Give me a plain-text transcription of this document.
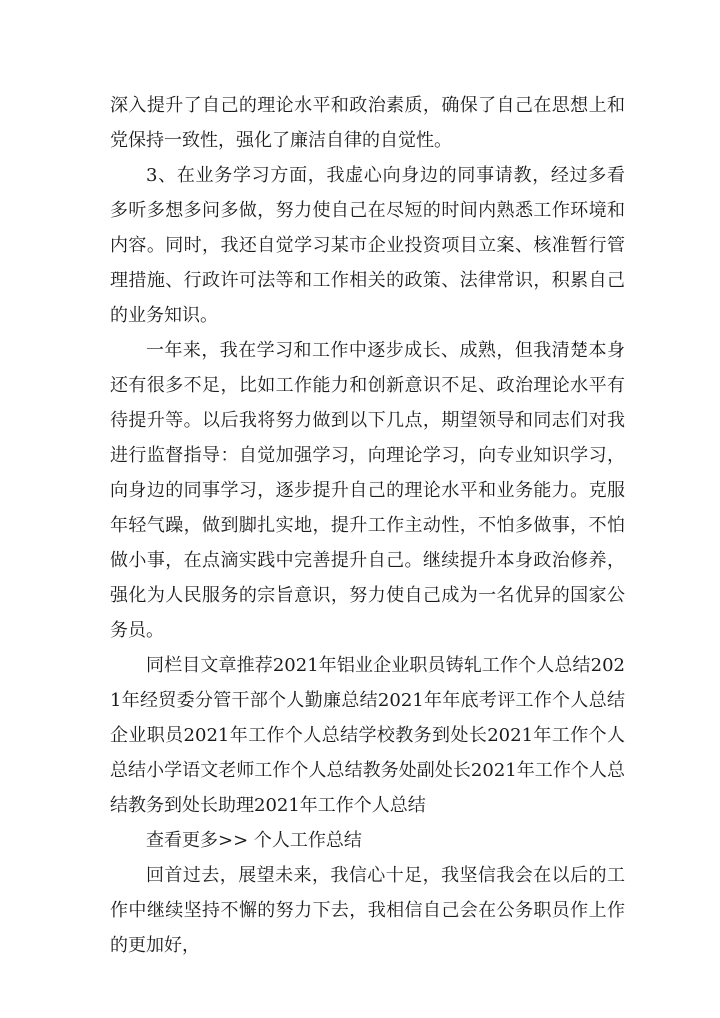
深入提升了自己的理论水平和政治素质，确保了自己在思想上和党保持一致性，强化了廉洁自律的自觉性。

3、在业务学习方面，我虚心向身边的同事请教，经过多看多听多想多问多做，努力使自己在尽短的时间内熟悉工作环境和内容。同时，我还自觉学习某市企业投资项目立案、核准暂行管理措施、行政许可法等和工作相关的政策、法律常识，积累自己的业务知识。

一年来，我在学习和工作中逐步成长、成熟，但我清楚本身还有很多不足，比如工作能力和创新意识不足、政治理论水平有待提升等。以后我将努力做到以下几点，期望领导和同志们对我进行监督指导：自觉加强学习，向理论学习，向专业知识学习，向身边的同事学习，逐步提升自己的理论水平和业务能力。克服年轻气躁，做到脚扎实地，提升工作主动性，不怕多做事，不怕做小事，在点滴实践中完善提升自己。继续提升本身政治修养，强化为人民服务的宗旨意识，努力使自己成为一名优异的国家公务员。

同栏目文章推荐2021年铝业企业职员铸轧工作个人总结2021年经贸委分管干部个人勤廉总结2021年年底考评工作个人总结企业职员2021年工作个人总结学校教务到处长2021年工作个人总结小学语文老师工作个人总结教务处副处长2021年工作个人总结教务到处长助理2021年工作个人总结

查看更多>> 个人工作总结

回首过去，展望未来，我信心十足，我坚信我会在以后的工作中继续坚持不懈的努力下去，我相信自己会在公务职员作上作的更加好，
